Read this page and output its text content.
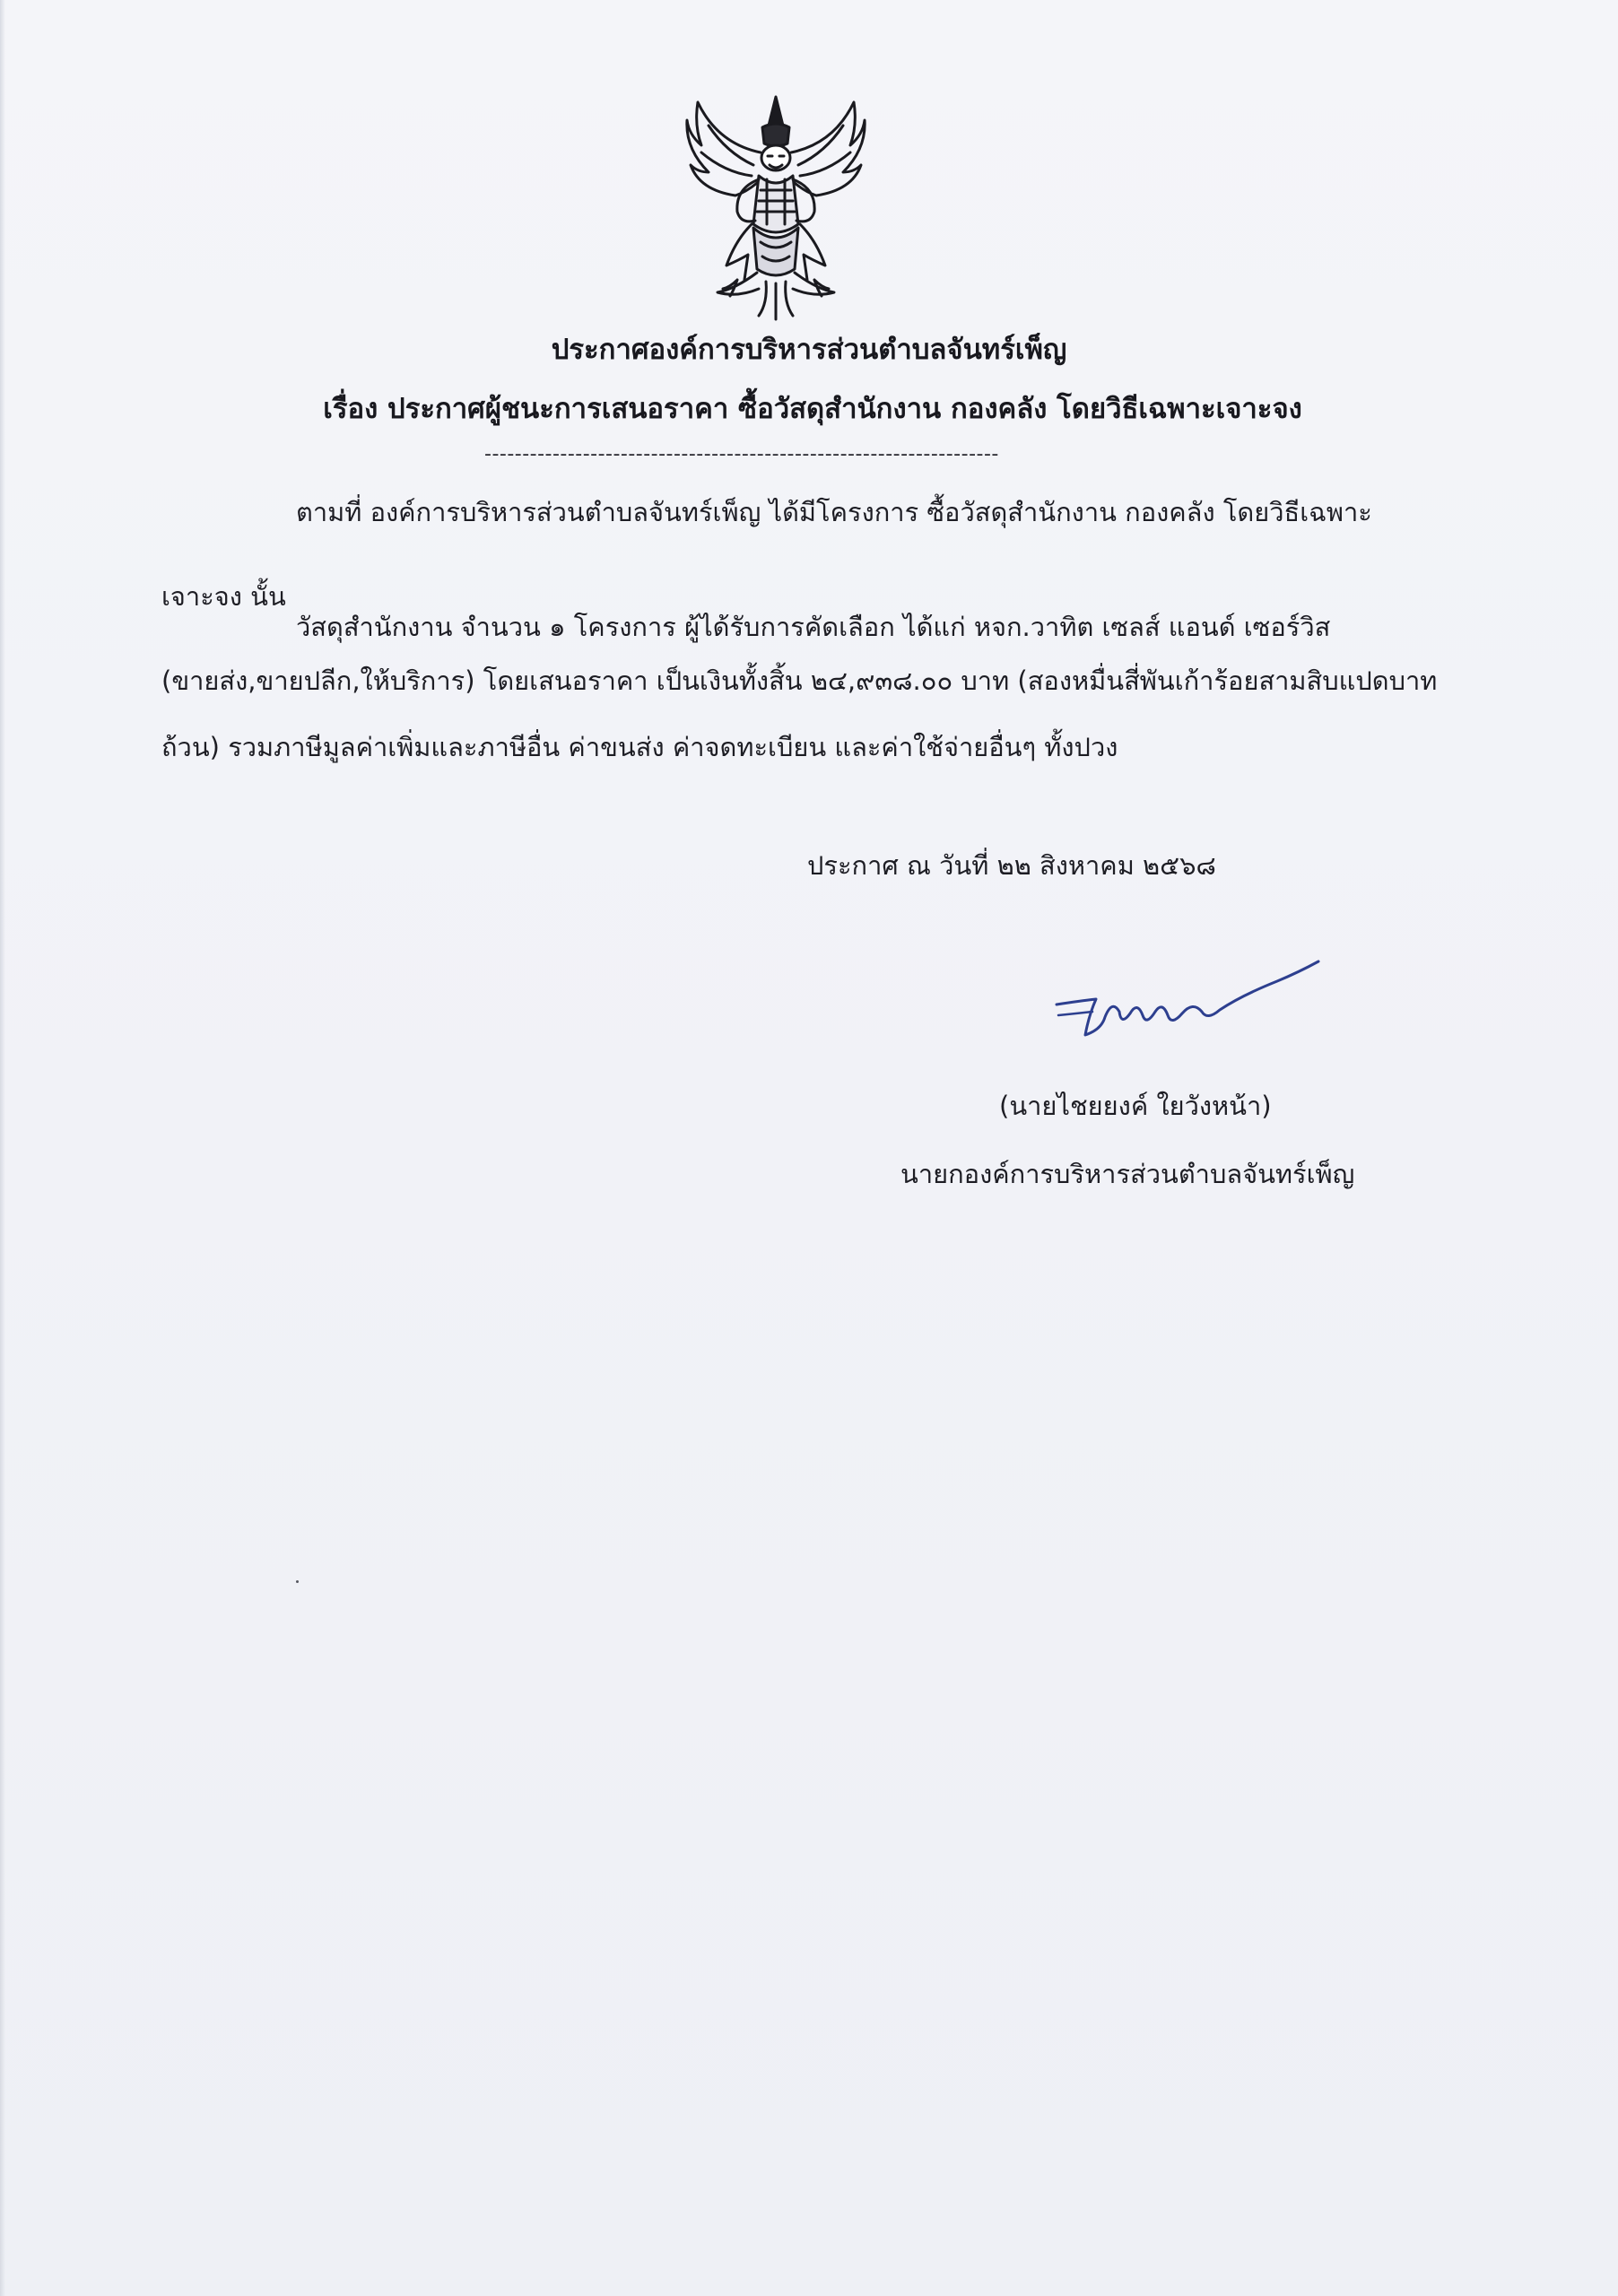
ประกาศองค์การบริหารส่วนตำบลจันทร์เพ็ญ
เรื่อง ประกาศผู้ชนะการเสนอราคา ซื้อวัสดุสำนักงาน กองคลัง โดยวิธีเฉพาะเจาะจง
--------------------------------------------------------------------
ตามที่ องค์การบริหารส่วนตำบลจันทร์เพ็ญ ได้มีโครงการ ซื้อวัสดุสำนักงาน กองคลัง โดยวิธีเฉพาะ
เจาะจง นั้น
วัสดุสำนักงาน จำนวน ๑ โครงการ ผู้ได้รับการคัดเลือก ได้แก่ หจก.วาทิต เซลส์ แอนด์ เซอร์วิส
(ขายส่ง,ขายปลีก,ให้บริการ) โดยเสนอราคา เป็นเงินทั้งสิ้น ๒๔,๙๓๘.๐๐ บาท (สองหมื่นสี่พันเก้าร้อยสามสิบแปดบาท
ถ้วน) รวมภาษีมูลค่าเพิ่มและภาษีอื่น ค่าขนส่ง ค่าจดทะเบียน และค่าใช้จ่ายอื่นๆ ทั้งปวง
ประกาศ ณ วันที่ ๒๒ สิงหาคม ๒๕๖๘
(นายไชยยงค์ ใยวังหน้า)
นายกองค์การบริหารส่วนตำบลจันทร์เพ็ญ
